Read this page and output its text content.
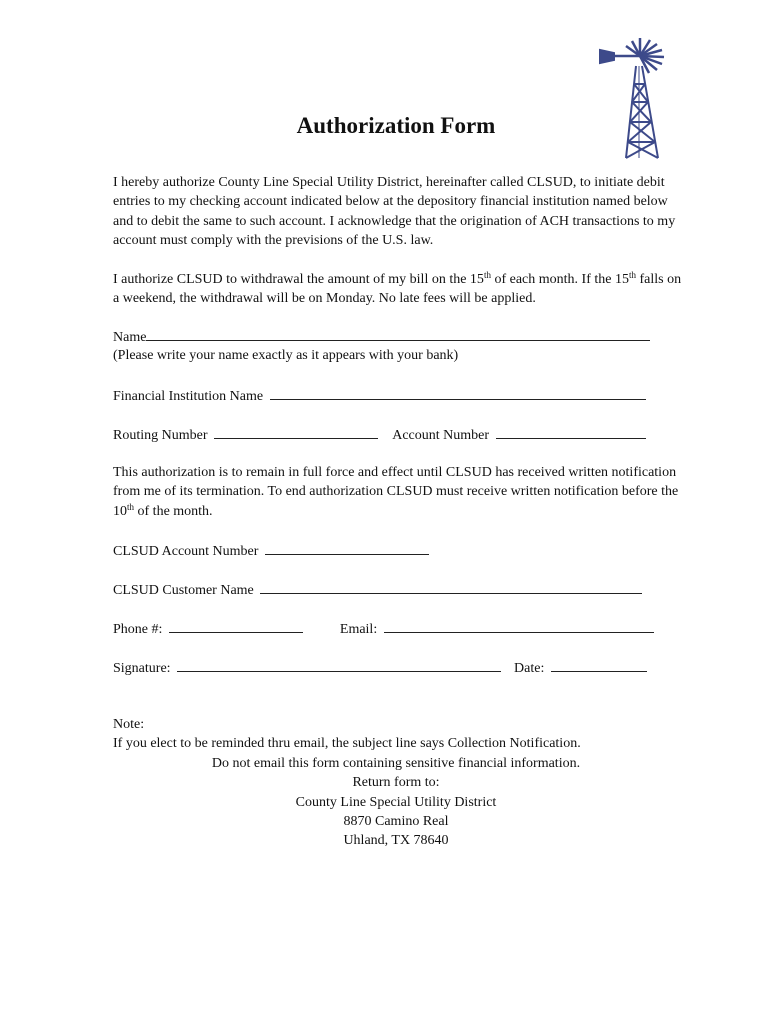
Authorization Form
I hereby authorize County Line Special Utility District, hereinafter called CLSUD, to initiate debit entries to my checking account indicated below at the depository financial institution named below and to debit the same to such account. I acknowledge that the origination of ACH transactions to my account must comply with the previsions of the U.S. law.
I authorize CLSUD to withdrawal the amount of my bill on the 15th of each month. If the 15th falls on a weekend, the withdrawal will be on Monday. No late fees will be applied.
Name
(Please write your name exactly as it appears with your bank)
Financial Institution Name
Routing Number	Account Number
This authorization is to remain in full force and effect until CLSUD has received written notification from me of its termination. To end authorization CLSUD must receive written notification before the 10th of the month.
CLSUD Account Number
CLSUD Customer Name
Phone #:	Email:
Signature:	Date:
Note:
If you elect to be reminded thru email, the subject line says Collection Notification.
Do not email this form containing sensitive financial information.
Return form to:
County Line Special Utility District
8870 Camino Real
Uhland, TX 78640
